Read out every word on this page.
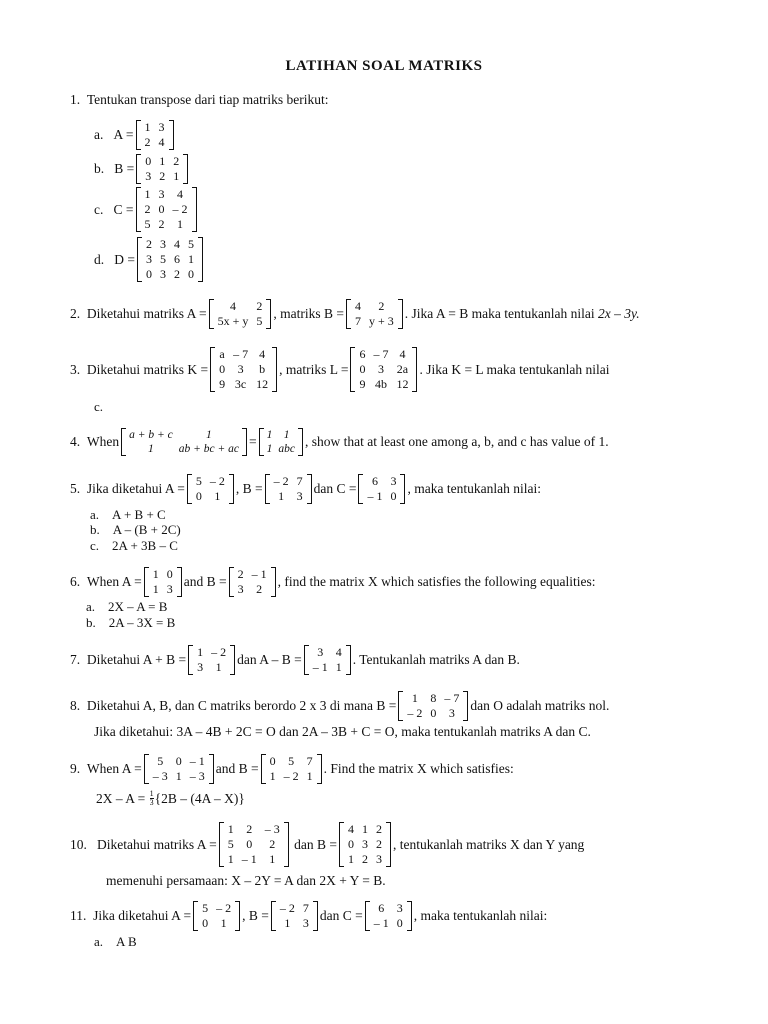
LATIHAN SOAL MATRIKS
1.
Tentukan transpose dari tiap matriks berikut:
a.
A =
1	3
2	4
b.
B =
0	1	2
3	2	1
c.
C =
1	3	4
2	0	– 2
5	2	1
d.
D =
2	3	4	5
3	5	6	1
0	3	2	0
2.
Diketahui matriks A =
4	2
5x + y	5 , matriks B =
4	2
7	y + 3 . Jika A = B maka tentukanlah nilai
2x – 3y.
3.
Diketahui matriks K =
a	– 7	4
0	3	b
9	3c	12
, matriks L =
6	– 7	4
0	3	2a
9	4b	12
. Jika K = L maka tentukanlah nilai
c.
4.
When a + b + c	1
1	ab + bc + ac = 1	1
1	abc , show that at least one among a, b, and c has value of 1.
5.
Jika diketahui A =
5	– 2
0	1 , B =
– 2	7
1	3 dan C =
6	3
– 1	0 , maka tentukanlah nilai:
a.
A + B + C
b.
A – (B + 2C)
c.
2A + 3B – C
6.
When A =
1	0
1	3 and B =
2	– 1
3	2 , find the matrix X which satisfies the following equalities:
a.
2X – A = B
b.
2A – 3X = B
7.
Diketahui A + B =
1	– 2
3	1 dan A – B =
3	4
– 1	1 . Tentukanlah matriks A dan B.
8.
Diketahui A, B, dan C matriks berordo 2 x 3 di mana B =
1	8	– 7
– 2	0	3 dan O adalah matriks nol.
Jika diketahui: 3A – 4B + 2C = O dan 2A – 3B + C = O, maka tentukanlah matriks A dan C.
9.
When A =
5	0	– 1
– 3	1	– 3 and B =
0	5	7
1	– 2	1 . Find the matrix X which satisfies:
2X – A =
$\frac{1}{3} \{2B - (4A - X)\}$
10.
Diketahui matriks A =
1	2	– 3
5	0	2
1	– 1	1

dan B =
4	1	2
0	3	2
1	2	3
, tentukanlah matriks X dan Y yang
memenuhi persamaan: X – 2Y = A dan 2X + Y = B.
11.
Jika diketahui A =
5	– 2
0	1 , B =
– 2	7
1	3 dan C =
6	3
– 1	0 , maka tentukanlah nilai:
a.
A B
